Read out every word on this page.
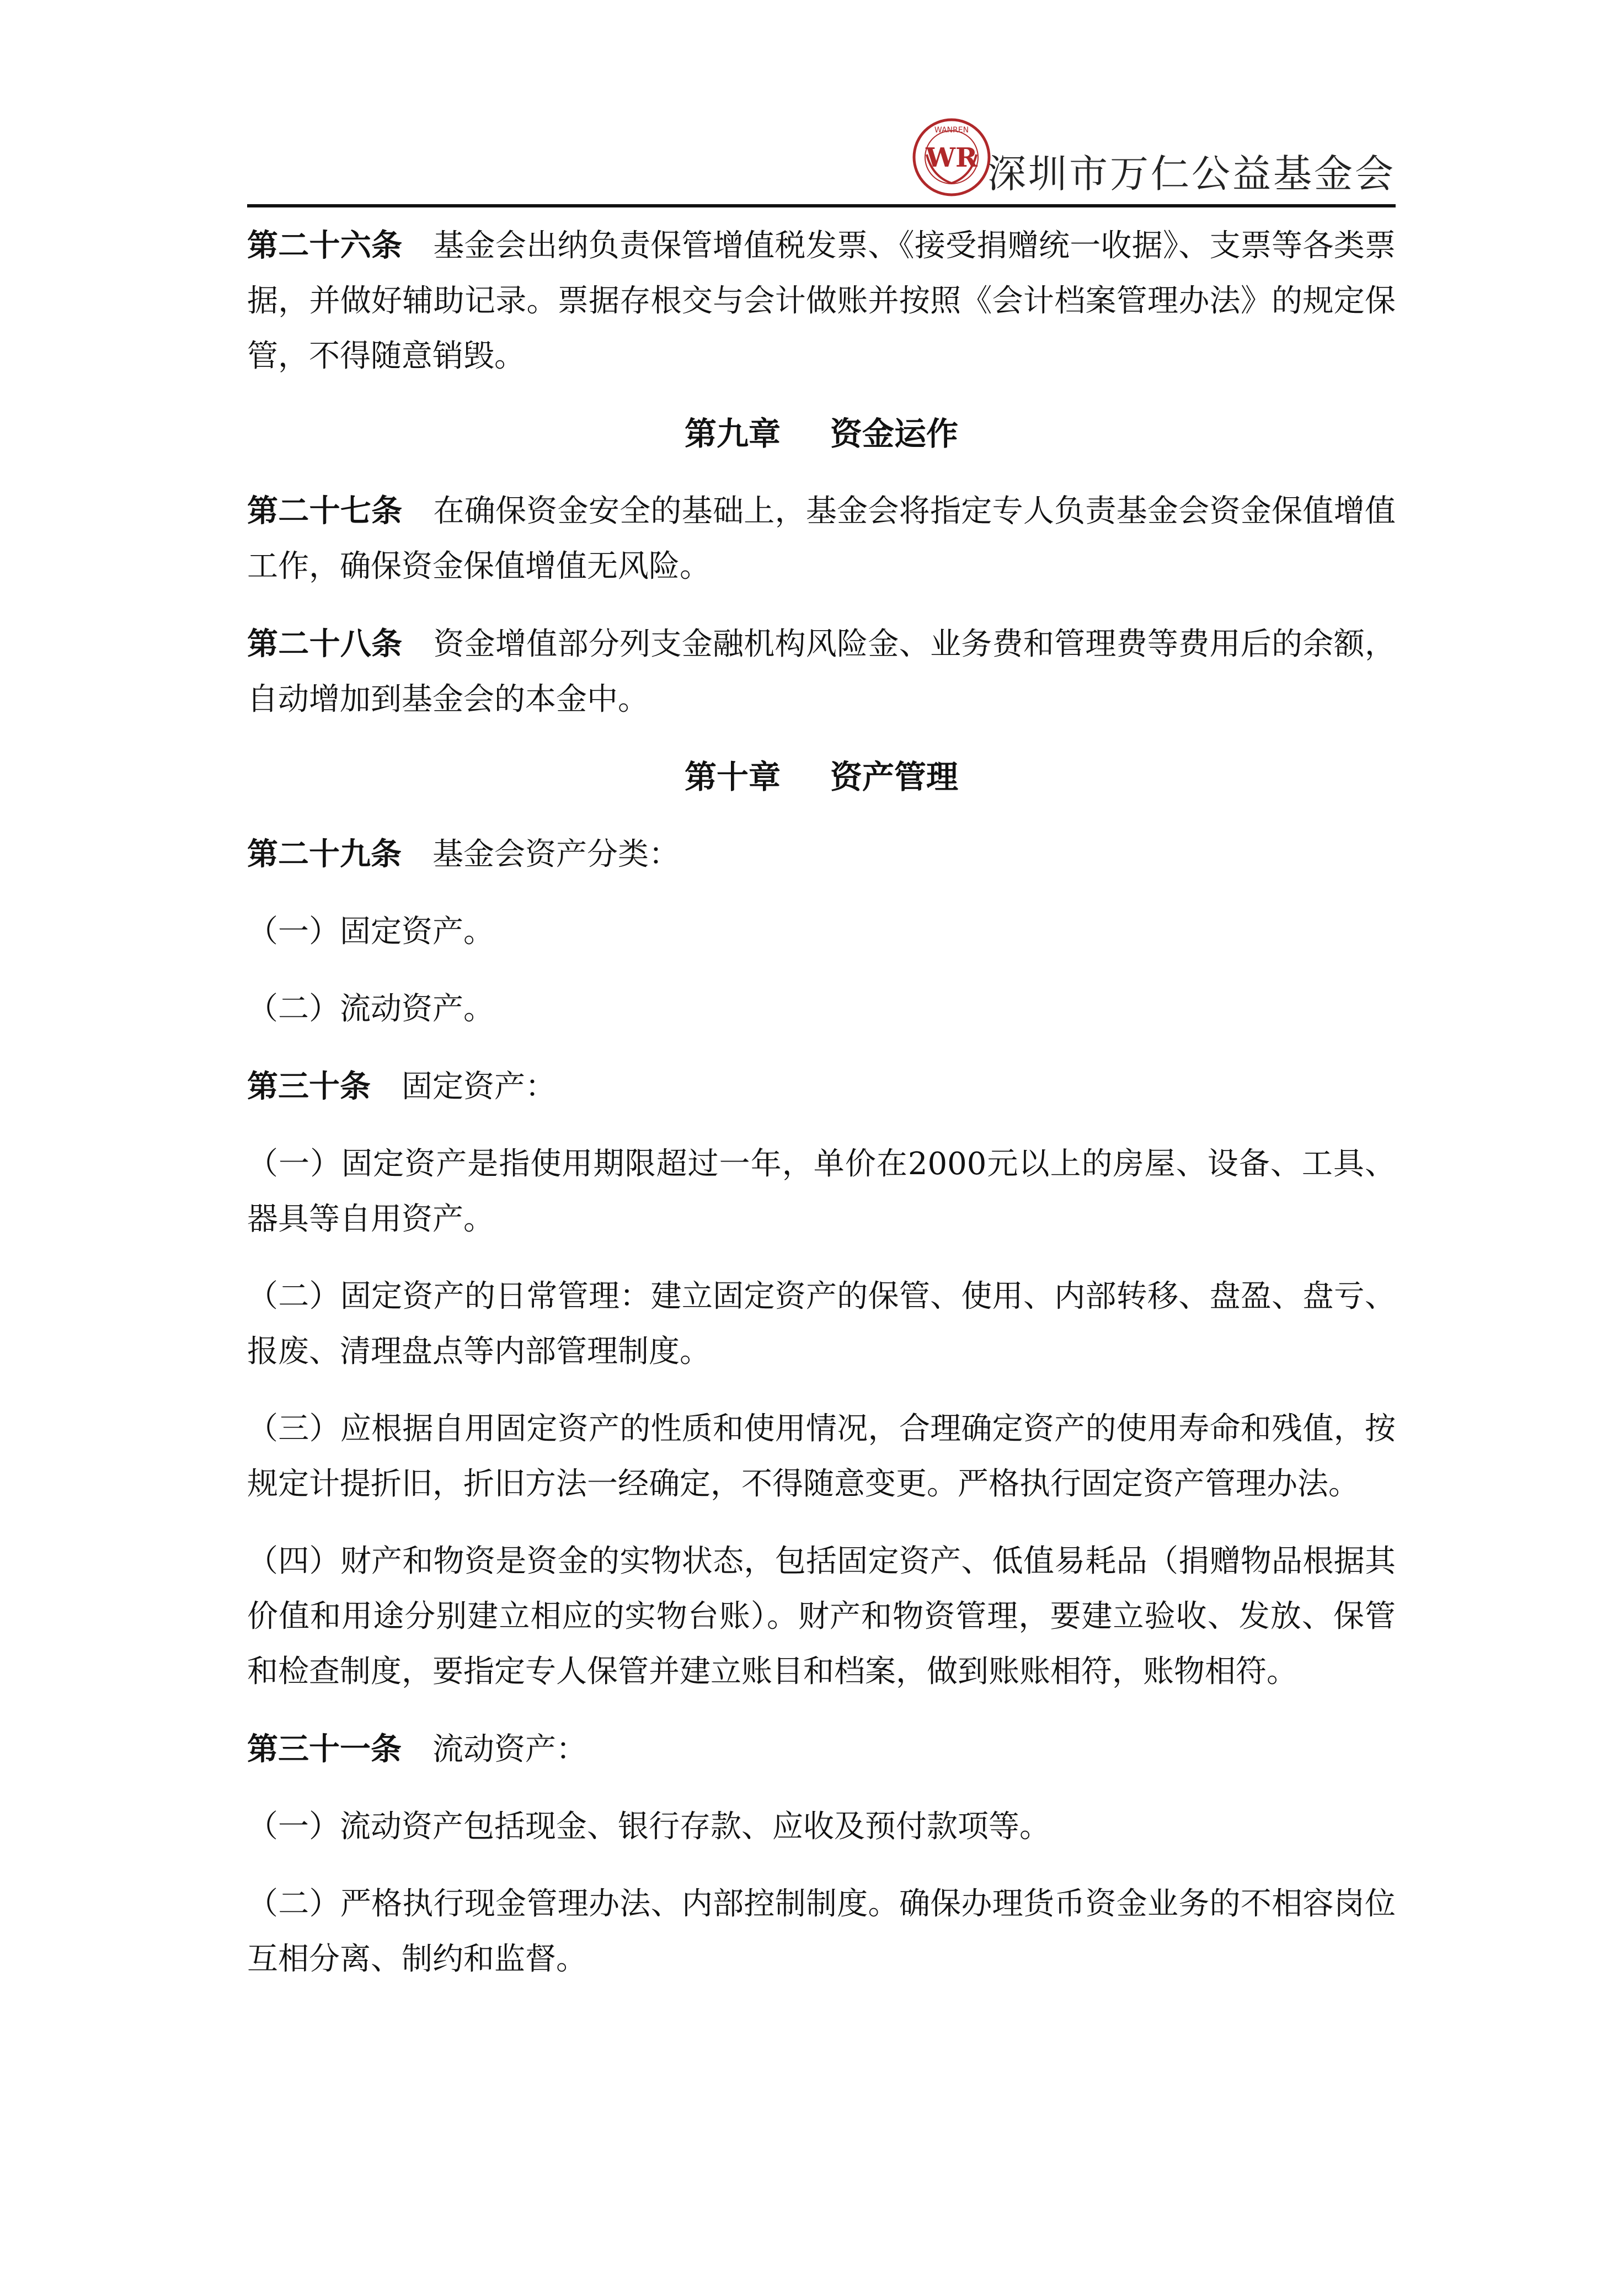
WANREN
WR 深圳市万仁公益基金会

第二十六条 基金会出纳负责保管增值税发票、《接受捐赠统一收据》、支票等各类票据，并做好辅助记录。票据存根交与会计做账并按照《会计档案管理办法》的规定保管，不得随意销毁。

第九章 资金运作

第二十七条 在确保资金安全的基础上，基金会将指定专人负责基金会资金保值增值工作，确保资金保值增值无风险。

第二十八条 资金增值部分列支金融机构风险金、业务费和管理费等费用后的余额，自动增加到基金会的本金中。

第十章 资产管理

第二十九条 基金会资产分类：

（一）固定资产。

（二）流动资产。

第三十条 固定资产：

（一）固定资产是指使用期限超过一年，单价在2000元以上的房屋、设备、工具、器具等自用资产。

（二）固定资产的日常管理：建立固定资产的保管、使用、内部转移、盘盈、盘亏、报废、清理盘点等内部管理制度。

（三）应根据自用固定资产的性质和使用情况，合理确定资产的使用寿命和残值，按规定计提折旧，折旧方法一经确定，不得随意变更。严格执行固定资产管理办法。

（四）财产和物资是资金的实物状态，包括固定资产、低值易耗品（捐赠物品根据其价值和用途分别建立相应的实物台账）。财产和物资管理，要建立验收、发放、保管和检查制度，要指定专人保管并建立账目和档案，做到账账相符，账物相符。

第三十一条 流动资产：

（一）流动资产包括现金、银行存款、应收及预付款项等。

（二）严格执行现金管理办法、内部控制制度。确保办理货币资金业务的不相容岗位互相分离、制约和监督。
